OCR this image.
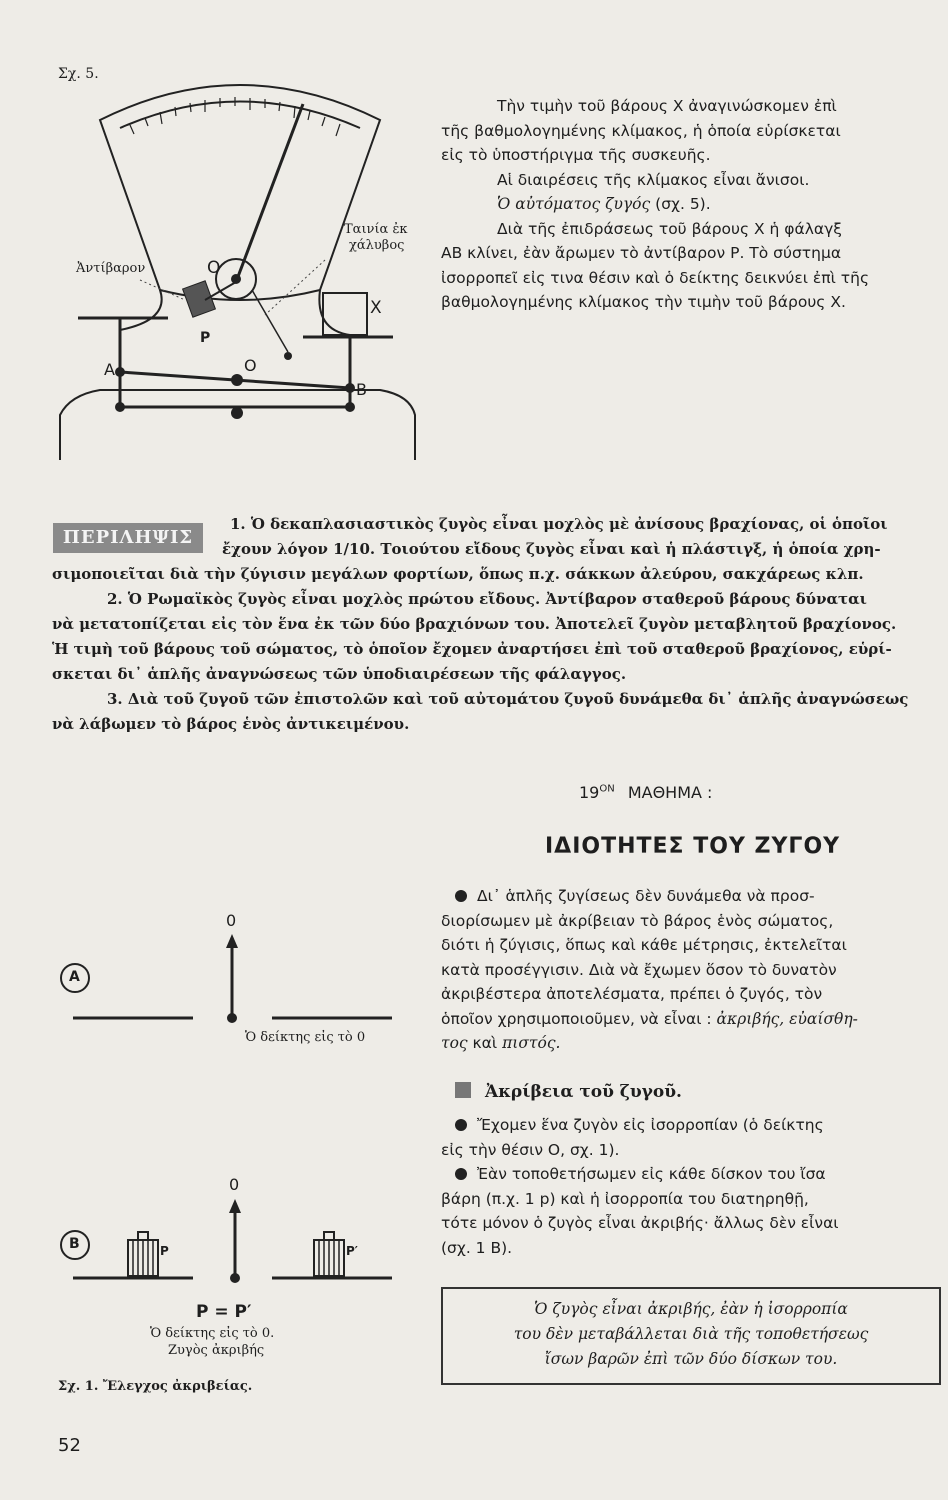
Σχ. 5.
Ἀντίβαρον
Ταινία ἐκ
χάλυβος
O
P
X
A	O
B
Τὴν τιμὴν τοῦ βάρους Χ ἀναγινώσκομεν ἐπὶ
τῆς βαθμολογημένης κλίμακος, ἡ ὁποία εὑρίσκεται
εἰς τὸ ὑποστήριγμα τῆς συσκευῆς.
Αἱ διαιρέσεις τῆς κλίμακος εἶναι ἄνισοι.
Ὁ αὐτόματος ζυγός (σχ. 5).
Διὰ τῆς ἐπιδράσεως τοῦ βάρους Χ ἡ φάλαγξ
ΑΒ κλίνει, ἐὰν ἄρωμεν τὸ ἀντίβαρον Ρ. Τὸ σύστημα
ἰσορροπεῖ εἰς τινα θέσιν καὶ ὁ δείκτης δεικνύει ἐπὶ τῆς
βαθμολογημένης κλίμακος τὴν τιμὴν τοῦ βάρους Χ.
ΠΕΡΙΛΗΨΙΣ
1. Ὁ δεκαπλασιαστικὸς ζυγὸς εἶναι μοχλὸς μὲ ἀνίσους βραχίονας, οἱ ὁποῖοι
ἔχουν λόγον 1/10. Τοιούτου εἴδους ζυγὸς εἶναι καὶ ἡ πλάστιγξ, ἡ ὁποία χρη-
σιμοποιεῖται διὰ τὴν ζύγισιν μεγάλων φορτίων, ὅπως π.χ. σάκκων ἀλεύρου, σακχάρεως κλπ.
2. Ὁ Ρωμαϊκὸς ζυγὸς εἶναι μοχλὸς πρώτου εἴδους. Ἀντίβαρον σταθεροῦ βάρους δύναται
νὰ μετατοπίζεται εἰς τὸν ἕνα ἐκ τῶν δύο βραχιόνων του. Ἀποτελεῖ ζυγὸν μεταβλητοῦ βραχίονος.
Ἡ τιμὴ τοῦ βάρους τοῦ σώματος, τὸ ὁποῖον ἔχομεν ἀναρτήσει ἐπὶ τοῦ σταθεροῦ βραχίονος, εὑρί-
σκεται δι᾽ ἁπλῆς ἀναγνώσεως τῶν ὑποδιαιρέσεων τῆς φάλαγγος.
3. Διὰ τοῦ ζυγοῦ τῶν ἐπιστολῶν καὶ τοῦ αὐτομάτου ζυγοῦ δυνάμεθα δι᾽ ἁπλῆς ἀναγνώσεως
νὰ λάβωμεν τὸ βάρος ἑνὸς ἀντικειμένου.
$19^{ON}$ ΜΑΘΗΜΑ :
ΙΔΙΟΤΗΤΕΣ ΤΟΥ ΖΥΓΟΥ
Δι᾽ ἁπλῆς ζυγίσεως δὲν δυνάμεθα νὰ προσ-
διορίσωμεν μὲ ἀκρίβειαν τὸ βάρος ἑνὸς σώματος,
διότι ἡ ζύγισις, ὅπως καὶ κάθε μέτρησις, ἐκτελεῖται
κατὰ προσέγγισιν. Διὰ νὰ ἔχωμεν ὅσον τὸ δυνατὸν
ἀκριβέστερα ἀποτελέσματα, πρέπει ὁ ζυγός, τὸν
ὁποῖον χρησιμοποιοῦμεν, νὰ εἶναι : ἀκριβής, εὐαίσθη-
τος καὶ πιστός.
Ἀκρίβεια τοῦ ζυγοῦ.
Ἔχομεν ἕνα ζυγὸν εἰς ἰσορροπίαν (ὁ δείκτης
εἰς τὴν θέσιν Ο, σχ. 1).
Ἐὰν τοποθετήσωμεν εἰς κάθε δίσκον του ἴσα
βάρη (π.χ. 1 p) καὶ ἡ ἰσορροπία του διατηρηθῇ,
τότε μόνον ὁ ζυγὸς εἶναι ἀκριβής· ἄλλως δὲν εἶναι
(σχ. 1 Β).
Ὁ ζυγὸς εἶναι ἀκριβής, ἐὰν ἡ ἰσορροπία
του δὲν μεταβάλλεται διὰ τῆς τοποθετήσεως
ἴσων βαρῶν ἐπὶ τῶν δύο δίσκων του.
A
B
0
0
Ὁ δείκτης εἰς τὸ 0
P	P′
P = P′
Ὁ δείκτης εἰς τὸ 0.
Ζυγὸς ἀκριβής
Σχ. 1. Ἔλεγχος ἀκριβείας.
52
